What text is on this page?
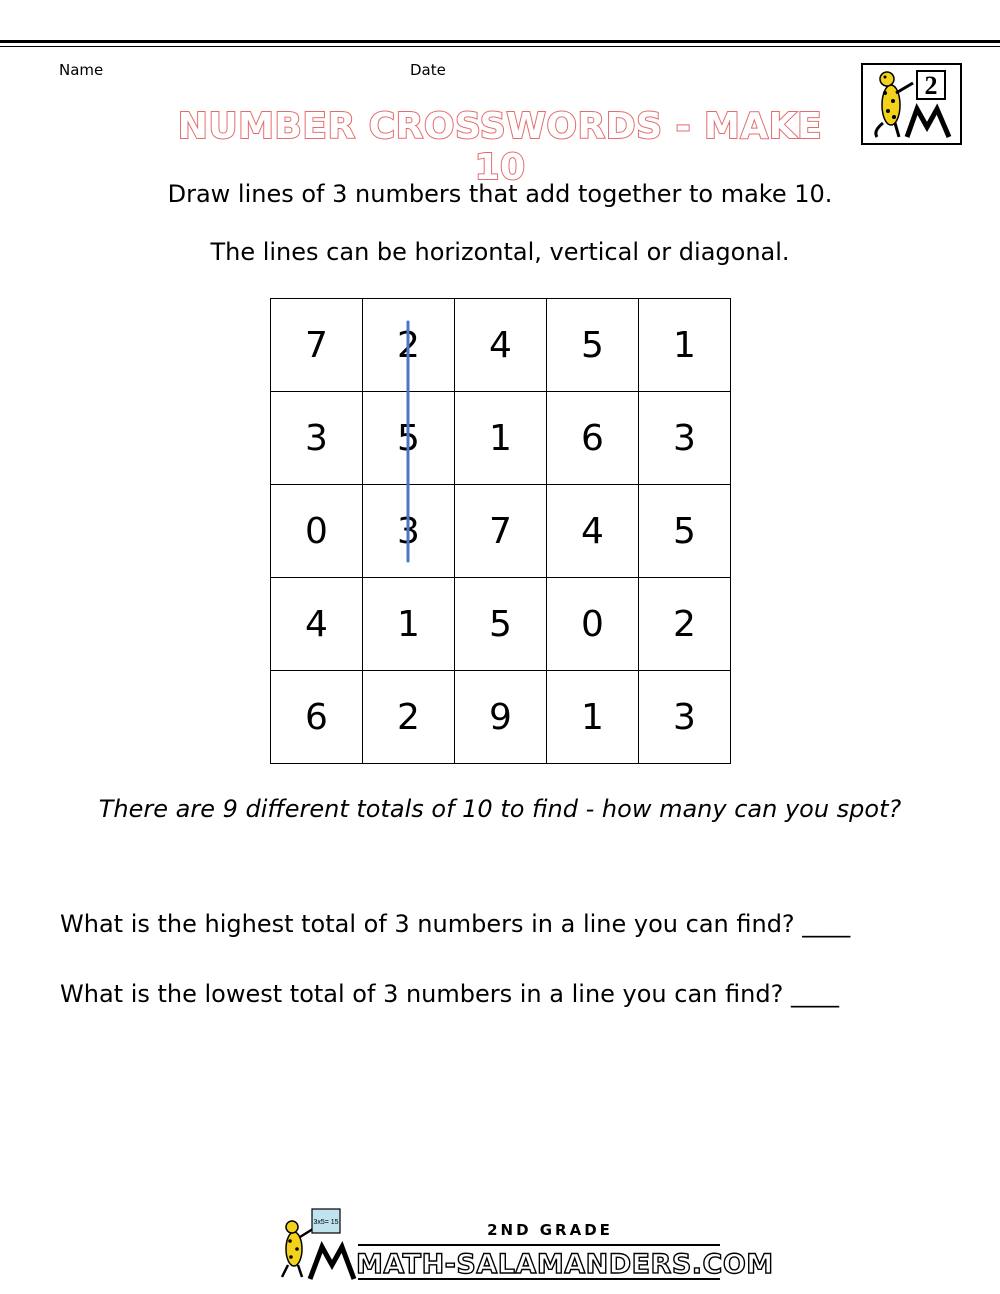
Name	Date
NUMBER CROSSWORDS - MAKE 10
2
Draw lines of 3 numbers that add together to make 10.
The lines can be horizontal, vertical or diagonal.
7	2	4	5	1
3	5	1	6	3
0	3	7	4	5
4	1	5	0	2
6	2	9	1	3
There are 9 different totals of 10 to find - how many can you spot?
What is the highest total of 3 numbers in a line you can find? ____
What is the lowest total of 3 numbers in a line you can find? ____
3x5= 15	2ND GRADE
MATH-SALAMANDERS.COM
